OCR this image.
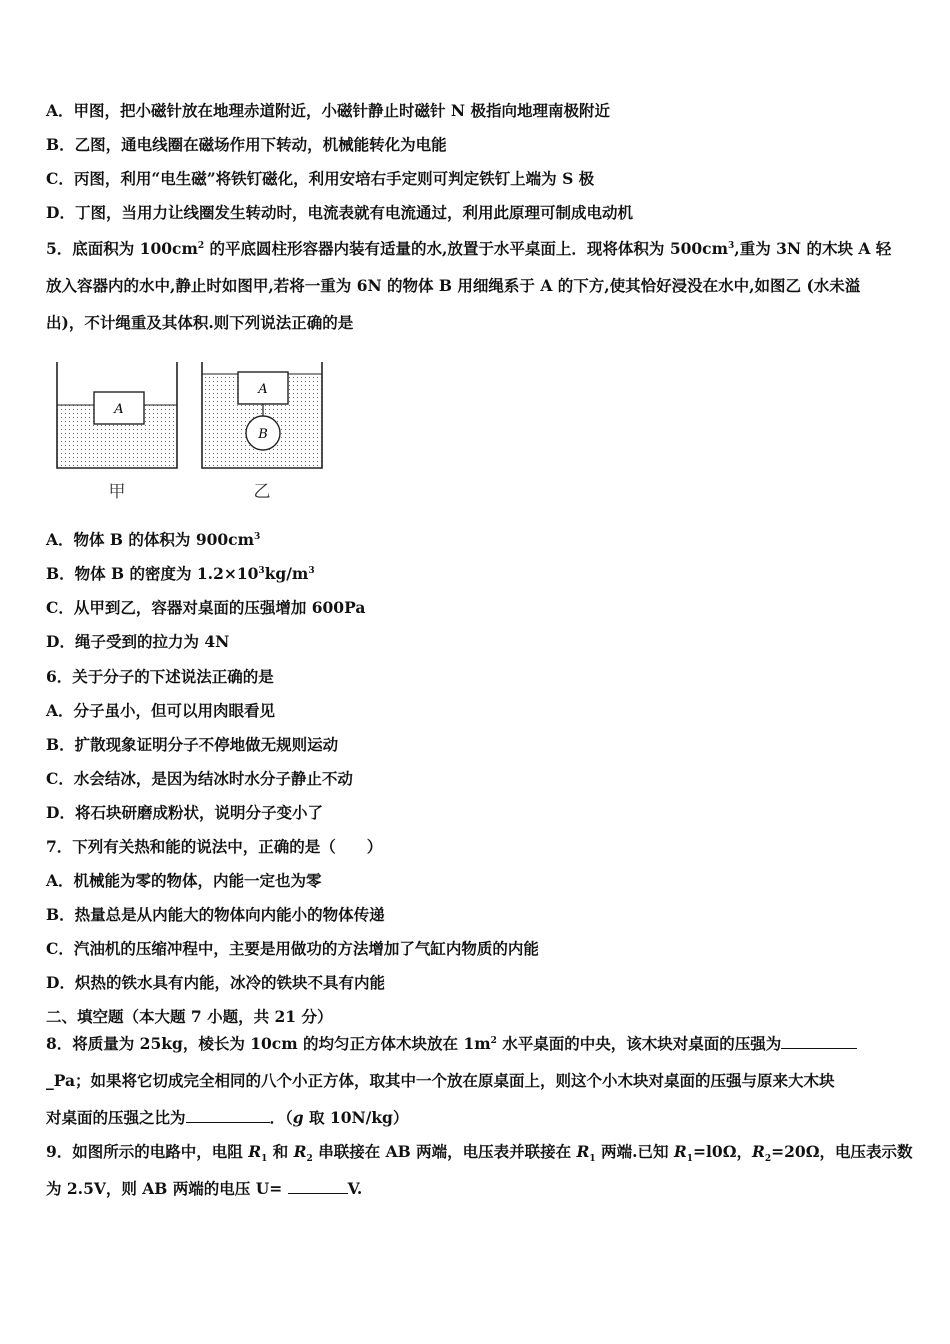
A．甲图，把小磁针放在地理赤道附近，小磁针静止时磁针 N 极指向地理南极附近
B．乙图，通电线圈在磁场作用下转动，机械能转化为电能
C．丙图，利用“电生磁”将铁钉磁化，利用安培右手定则可判定铁钉上端为 S 极
D．丁图，当用力让线圈发生转动时，电流表就有电流通过，利用此原理可制成电动机
5．底面积为 $100cm^2$ 的平底圆柱形容器内装有适量的水,放置于水平桌面上．现将体积为 $500cm^3$,重为 3N 的木块 A 轻
放入容器内的水中,静止时如图甲,若将一重为 6N 的物体 B 用细绳系于 A 的下方,使其恰好浸没在水中,如图乙 (水未溢
出)，不计绳重及其体积.则下列说法正确的是
A
A
B
甲	乙
A．物体 B 的体积为 $900cm^3$
B．物体 B 的密度为 $1.2\times 10^3kg/m^3$
C．从甲到乙，容器对桌面的压强增加 600Pa
D．绳子受到的拉力为 4N
6．关于分子的下述说法正确的是
A．分子虽小，但可以用肉眼看见
B．扩散现象证明分子不停地做无规则运动
C．水会结冰，是因为结冰时水分子静止不动
D．将石块研磨成粉状，说明分子变小了
7．下列有关热和能的说法中，正确的是（　　）
A．机械能为零的物体，内能一定也为零
B．热量总是从内能大的物体向内能小的物体传递
C．汽油机的压缩冲程中，主要是用做功的方法增加了气缸内物质的内能
D．炽热的铁水具有内能，冰冷的铁块不具有内能
二、填空题（本大题 7 小题，共 21 分）
8．将质量为 25kg，棱长为 10cm 的均匀正方体木块放在 $1m^2$ 水平桌面的中央，该木块对桌面的压强为
_Pa；如果将它切成完全相同的八个小正方体，取其中一个放在原桌面上，则这个小木块对桌面的压强与原来大木块
对桌面的压强之比为	．（g 取 10N/kg）
9．如图所示的电路中，电阻 $R_1$ 和 $R_2$ 串联接在 AB 两端，电压表并联接在 $R_1$ 两端.已知 $R_1=l0\Omega$，$R_2=20\Omega$，电压表示数
为 2.5V，则 AB 两端的电压 U=	V.
